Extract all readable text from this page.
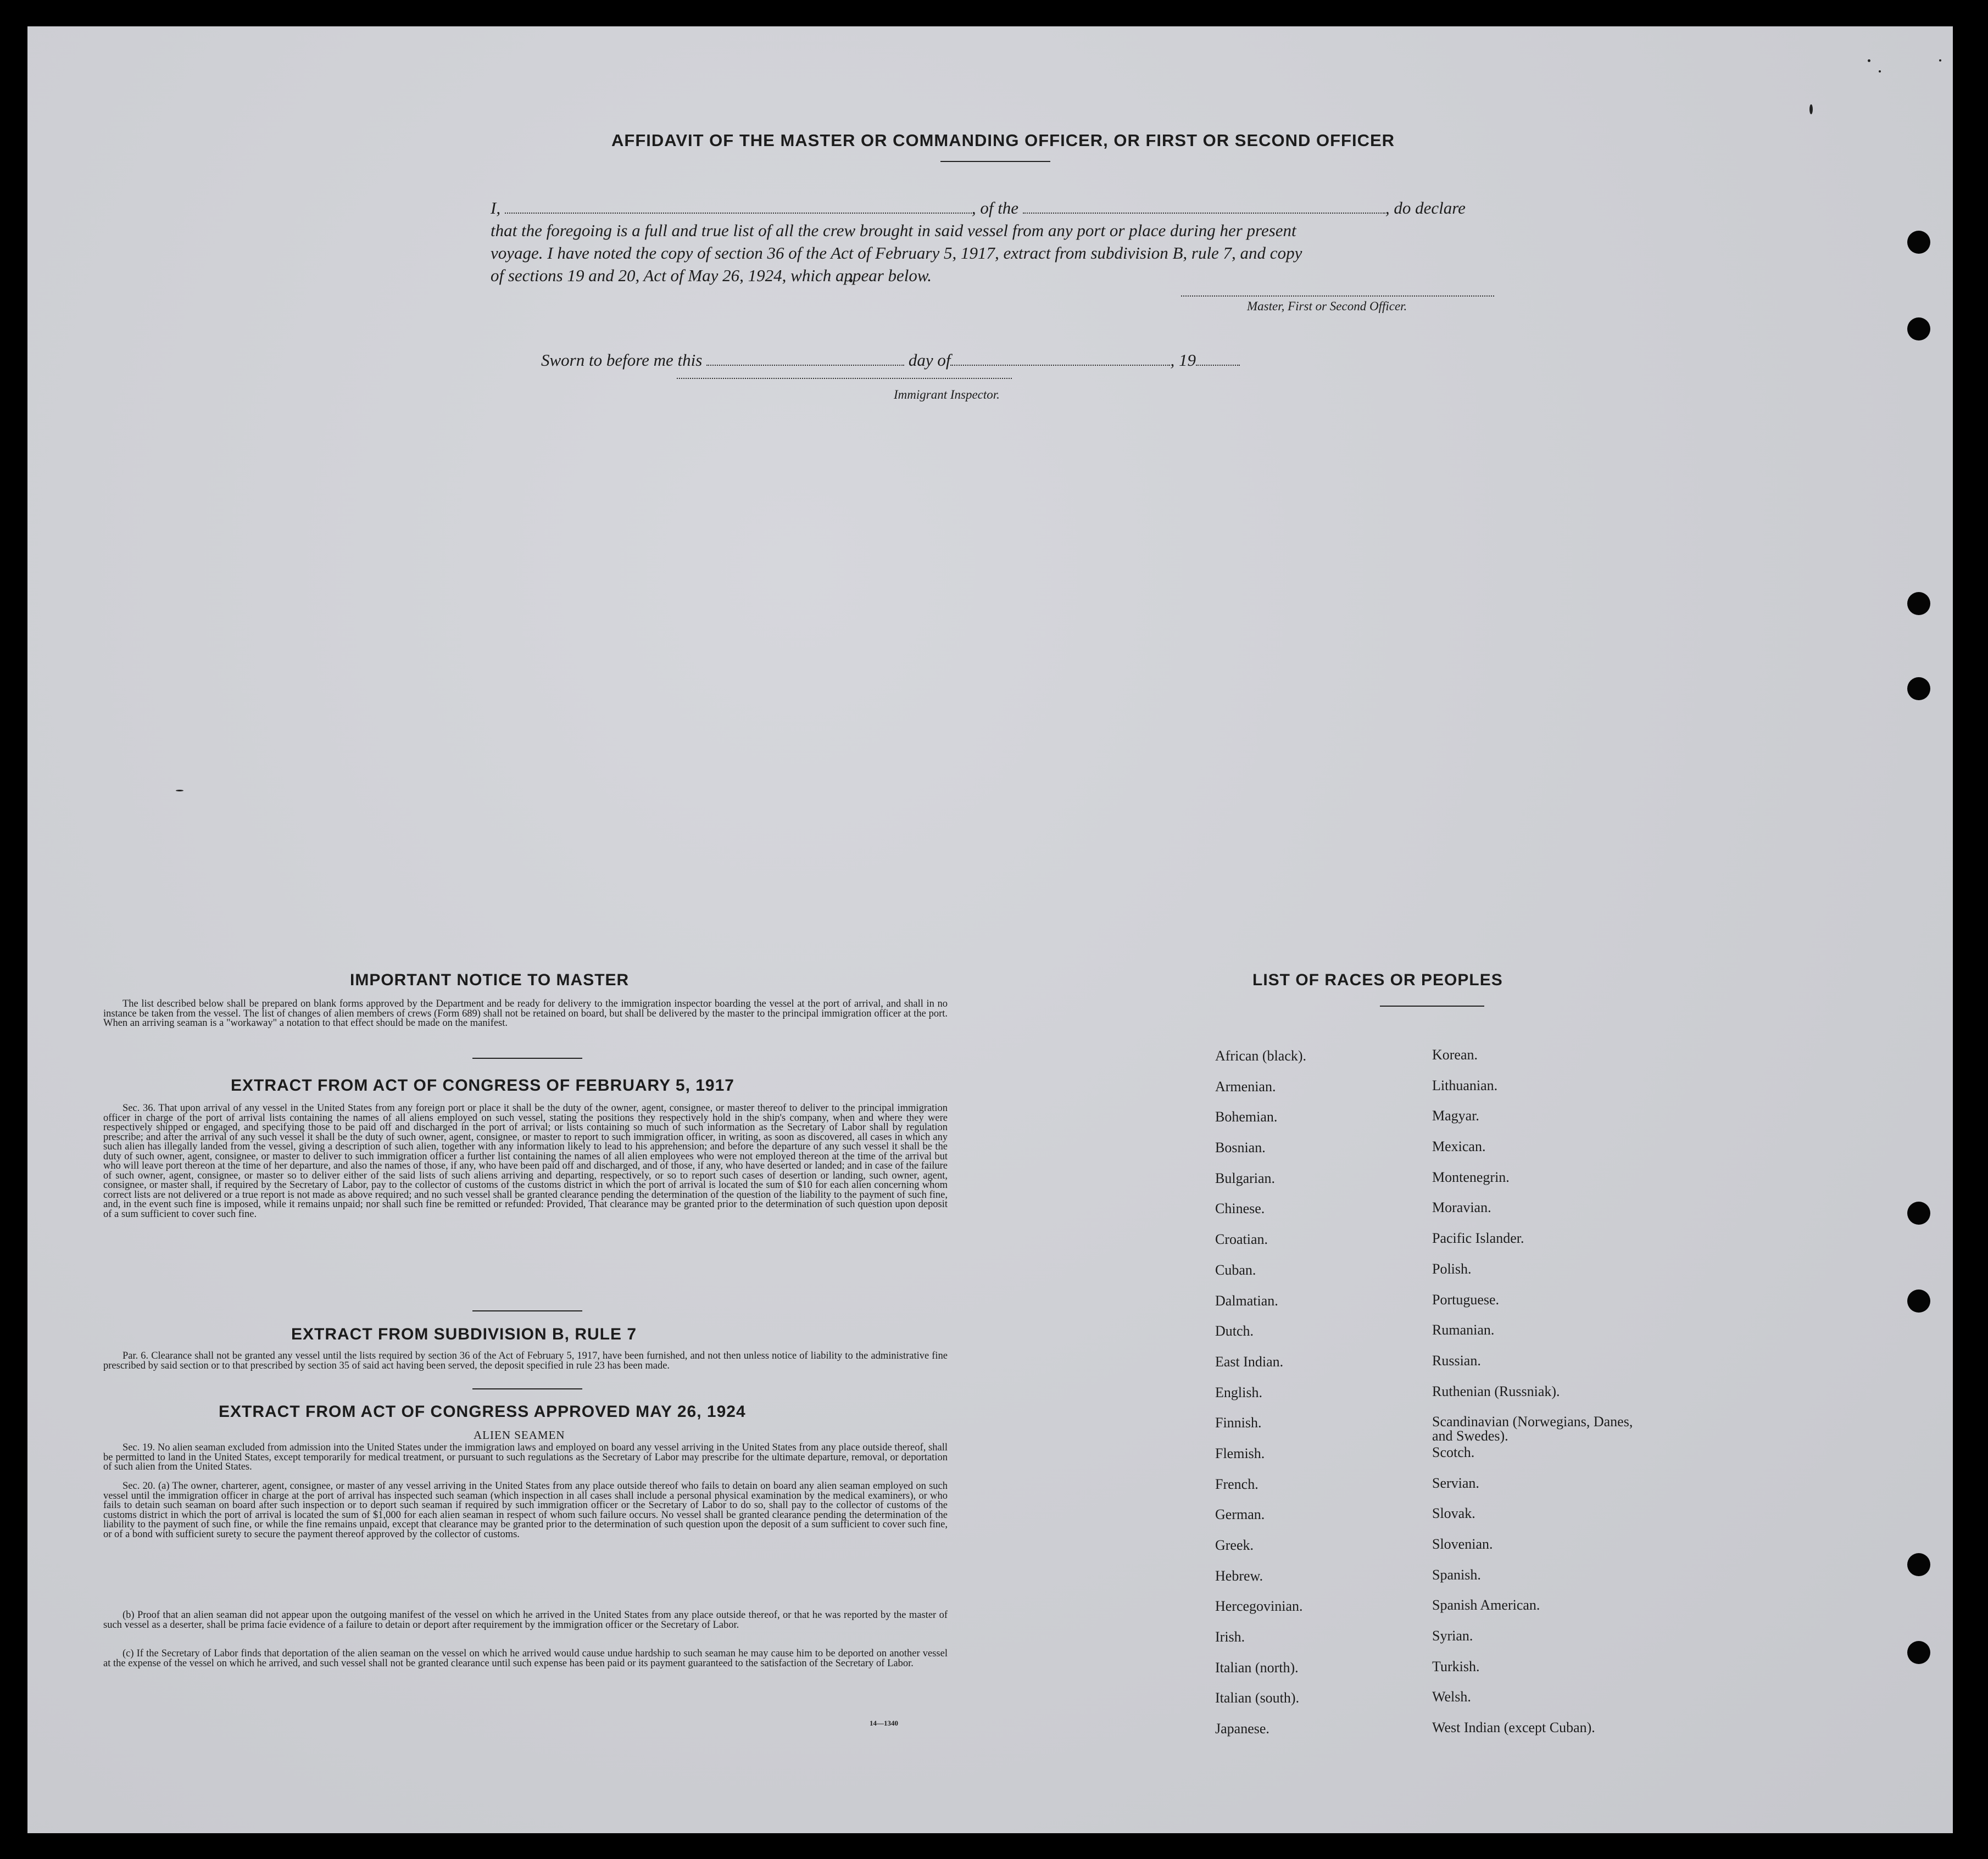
AFFIDAVIT OF THE MASTER OR COMMANDING OFFICER, OR FIRST OR SECOND OFFICER
I,	, of the	, do declare
that the foregoing is a full and true list of all the crew brought in said vessel from any port or place during her present
voyage. I have noted the copy of section 36 of the Act of February 5, 1917, extract from subdivision B, rule 7, and copy
of sections 19 and 20, Act of May 26, 1924, which appear below.
Master, First or Second Officer.
Sworn to before me this	day of	, 19
Immigrant Inspector.
IMPORTANT NOTICE TO MASTER
The list described below shall be prepared on blank forms approved by the Department and be ready for delivery to the immigration inspector boarding the vessel at the port of arrival, and shall in no instance be taken from the vessel. The list of changes of alien members of crews (Form 689) shall not be retained on board, but shall be delivered by the master to the principal immigration officer at the port. When an arriving seaman is a "workaway" a notation to that effect should be made on the manifest.
EXTRACT FROM ACT OF CONGRESS OF FEBRUARY 5, 1917
Sec. 36. That upon arrival of any vessel in the United States from any foreign port or place it shall be the duty of the owner, agent, consignee, or master thereof to deliver to the principal immigration officer in charge of the port of arrival lists containing the names of all aliens employed on such vessel, stating the positions they respectively hold in the ship's company, when and where they were respectively shipped or engaged, and specifying those to be paid off and discharged in the port of arrival; or lists containing so much of such information as the Secretary of Labor shall by regulation prescribe; and after the arrival of any such vessel it shall be the duty of such owner, agent, consignee, or master to report to such immigration officer, in writing, as soon as discovered, all cases in which any such alien has illegally landed from the vessel, giving a description of such alien, together with any information likely to lead to his apprehension; and before the departure of any such vessel it shall be the duty of such owner, agent, consignee, or master to deliver to such immigration officer a further list containing the names of all alien employees who were not employed thereon at the time of the arrival but who will leave port thereon at the time of her departure, and also the names of those, if any, who have been paid off and discharged, and of those, if any, who have deserted or landed; and in case of the failure of such owner, agent, consignee, or master so to deliver either of the said lists of such aliens arriving and departing, respectively, or so to report such cases of desertion or landing, such owner, agent, consignee, or master shall, if required by the Secretary of Labor, pay to the collector of customs of the customs district in which the port of arrival is located the sum of $10 for each alien concerning whom correct lists are not delivered or a true report is not made as above required; and no such vessel shall be granted clearance pending the determination of the question of the liability to the payment of such fine, and, in the event such fine is imposed, while it remains unpaid; nor shall such fine be remitted or refunded: Provided, That clearance may be granted prior to the determination of such question upon deposit of a sum sufficient to cover such fine.
EXTRACT FROM SUBDIVISION B, RULE 7
Par. 6. Clearance shall not be granted any vessel until the lists required by section 36 of the Act of February 5, 1917, have been furnished, and not then unless notice of liability to the administrative fine prescribed by said section or to that prescribed by section 35 of said act having been served, the deposit specified in rule 23 has been made.
EXTRACT FROM ACT OF CONGRESS APPROVED MAY 26, 1924
ALIEN SEAMEN
Sec. 19. No alien seaman excluded from admission into the United States under the immigration laws and employed on board any vessel arriving in the United States from any place outside thereof, shall be permitted to land in the United States, except temporarily for medical treatment, or pursuant to such regulations as the Secretary of Labor may prescribe for the ultimate departure, removal, or deportation of such alien from the United States.
Sec. 20. (a) The owner, charterer, agent, consignee, or master of any vessel arriving in the United States from any place outside thereof who fails to detain on board any alien seaman employed on such vessel until the immigration officer in charge at the port of arrival has inspected such seaman (which inspection in all cases shall include a personal physical examination by the medical examiners), or who fails to detain such seaman on board after such inspection or to deport such seaman if required by such immigration officer or the Secretary of Labor to do so, shall pay to the collector of customs of the customs district in which the port of arrival is located the sum of $1,000 for each alien seaman in respect of whom such failure occurs. No vessel shall be granted clearance pending the determination of the liability to the payment of such fine, or while the fine remains unpaid, except that clearance may be granted prior to the determination of such question upon the deposit of a sum sufficient to cover such fine, or of a bond with sufficient surety to secure the payment thereof approved by the collector of customs.
(b) Proof that an alien seaman did not appear upon the outgoing manifest of the vessel on which he arrived in the United States from any place outside thereof, or that he was reported by the master of such vessel as a deserter, shall be prima facie evidence of a failure to detain or deport after requirement by the immigration officer or the Secretary of Labor.
(c) If the Secretary of Labor finds that deportation of the alien seaman on the vessel on which he arrived would cause undue hardship to such seaman he may cause him to be deported on another vessel at the expense of the vessel on which he arrived, and such vessel shall not be granted clearance until such expense has been paid or its payment guaranteed to the satisfaction of the Secretary of Labor.
14—1340
LIST OF RACES OR PEOPLES
African (black).	Korean.
Armenian.	Lithuanian.
Bohemian.	Magyar.
Bosnian.	Mexican.
Bulgarian.	Montenegrin.
Chinese.	Moravian.
Croatian.	Pacific Islander.
Cuban.	Polish.
Dalmatian.	Portuguese.
Dutch.	Rumanian.
East Indian.	Russian.
English.	Ruthenian (Russniak).
Finnish.	Scandinavian (Norwegians, Danes, and Swedes).
Flemish.	Scotch.
French.	Servian.
German.	Slovak.
Greek.	Slovenian.
Hebrew.	Spanish.
Hercegovinian.	Spanish American.
Irish.	Syrian.
Italian (north).	Turkish.
Italian (south).	Welsh.
Japanese.	West Indian (except Cuban).
